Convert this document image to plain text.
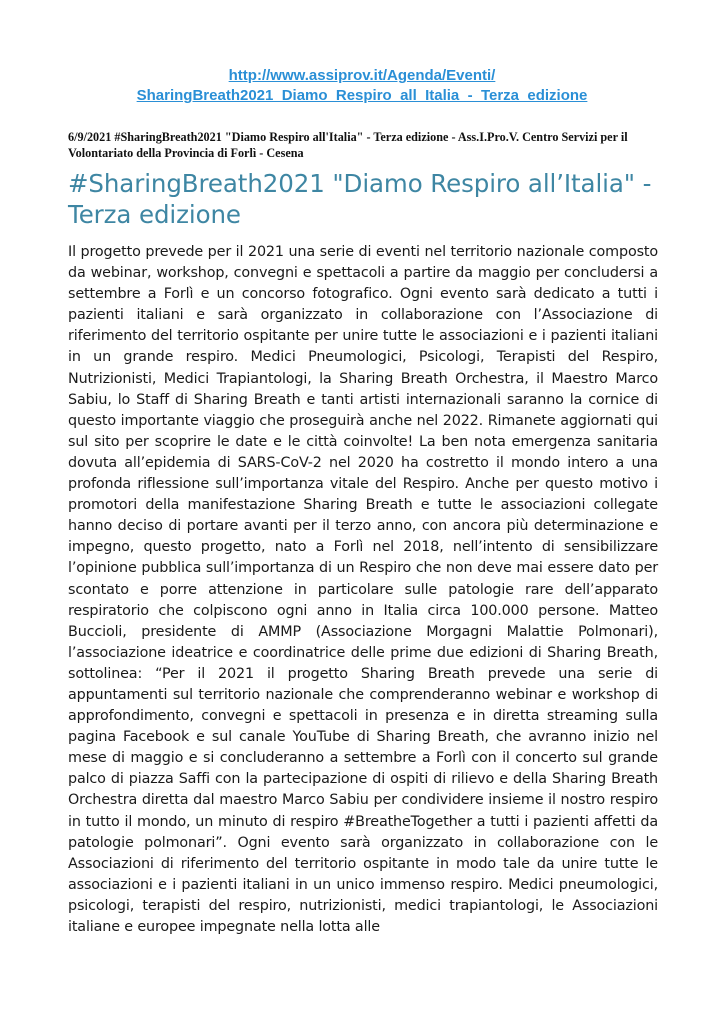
http://www.assiprov.it/Agenda/Eventi/
SharingBreath2021_Diamo_Respiro_all_Italia_-_Terza_edizione
6/9/2021 #SharingBreath2021 "Diamo Respiro all'Italia" - Terza edizione - Ass.I.Pro.V. Centro Servizi per il Volontariato della Provincia di Forlì - Cesena
#SharingBreath2021 "Diamo Respiro all’Italia" - Terza edizione

Il progetto prevede per il 2021 una serie di eventi nel territorio nazionale composto da webinar, workshop, convegni e spettacoli a partire da maggio per concludersi a settembre a Forlì e un concorso fotografico. Ogni evento sarà dedicato a tutti i pazienti italiani e sarà organizzato in collaborazione con l’Associazione di riferimento del territorio ospitante per unire tutte le associazioni e i pazienti italiani in un grande respiro. Medici Pneumologici, Psicologi, Terapisti del Respiro, Nutrizionisti, Medici Trapiantologi, la Sharing Breath Orchestra, il Maestro Marco Sabiu, lo Staff di Sharing Breath e tanti artisti internazionali saranno la cornice di questo importante viaggio che proseguirà anche nel 2022. Rimanete aggiornati qui sul sito per scoprire le date e le città coinvolte! La ben nota emergenza sanitaria dovuta all’epidemia di SARS-CoV-2 nel 2020 ha costretto il mondo intero a una profonda riflessione sull’importanza vitale del Respiro. Anche per questo motivo i promotori della manifestazione Sharing Breath e tutte le associazioni collegate hanno deciso di portare avanti per il terzo anno, con ancora più determinazione e impegno, questo progetto, nato a Forlì nel 2018, nell’intento di sensibilizzare l’opinione pubblica sull’importanza di un Respiro che non deve mai essere dato per scontato e porre attenzione in particolare sulle patologie rare dell’apparato respiratorio che colpiscono ogni anno in Italia circa 100.000 persone. Matteo Buccioli, presidente di AMMP (Associazione Morgagni Malattie Polmonari), l’associazione ideatrice e coordinatrice delle prime due edizioni di Sharing Breath, sottolinea: “Per il 2021 il progetto Sharing Breath prevede una serie di appuntamenti sul territorio nazionale che comprenderanno webinar e workshop di approfondimento, convegni e spettacoli in presenza e in diretta streaming sulla pagina Facebook e sul canale YouTube di Sharing Breath, che avranno inizio nel mese di maggio e si concluderanno a settembre a Forlì con il concerto sul grande palco di piazza Saffi con la partecipazione di ospiti di rilievo e della Sharing Breath Orchestra diretta dal maestro Marco Sabiu per condividere insieme il nostro respiro in tutto il mondo, un minuto di respiro #BreatheTogether a tutti i pazienti affetti da patologie polmonari”. Ogni evento sarà organizzato in collaborazione con le Associazioni di riferimento del territorio ospitante in modo tale da unire tutte le associazioni e i pazienti italiani in un unico immenso respiro. Medici pneumologici, psicologi, terapisti del respiro, nutrizionisti, medici trapiantologi, le Associazioni italiane e europee impegnate nella lotta alle
